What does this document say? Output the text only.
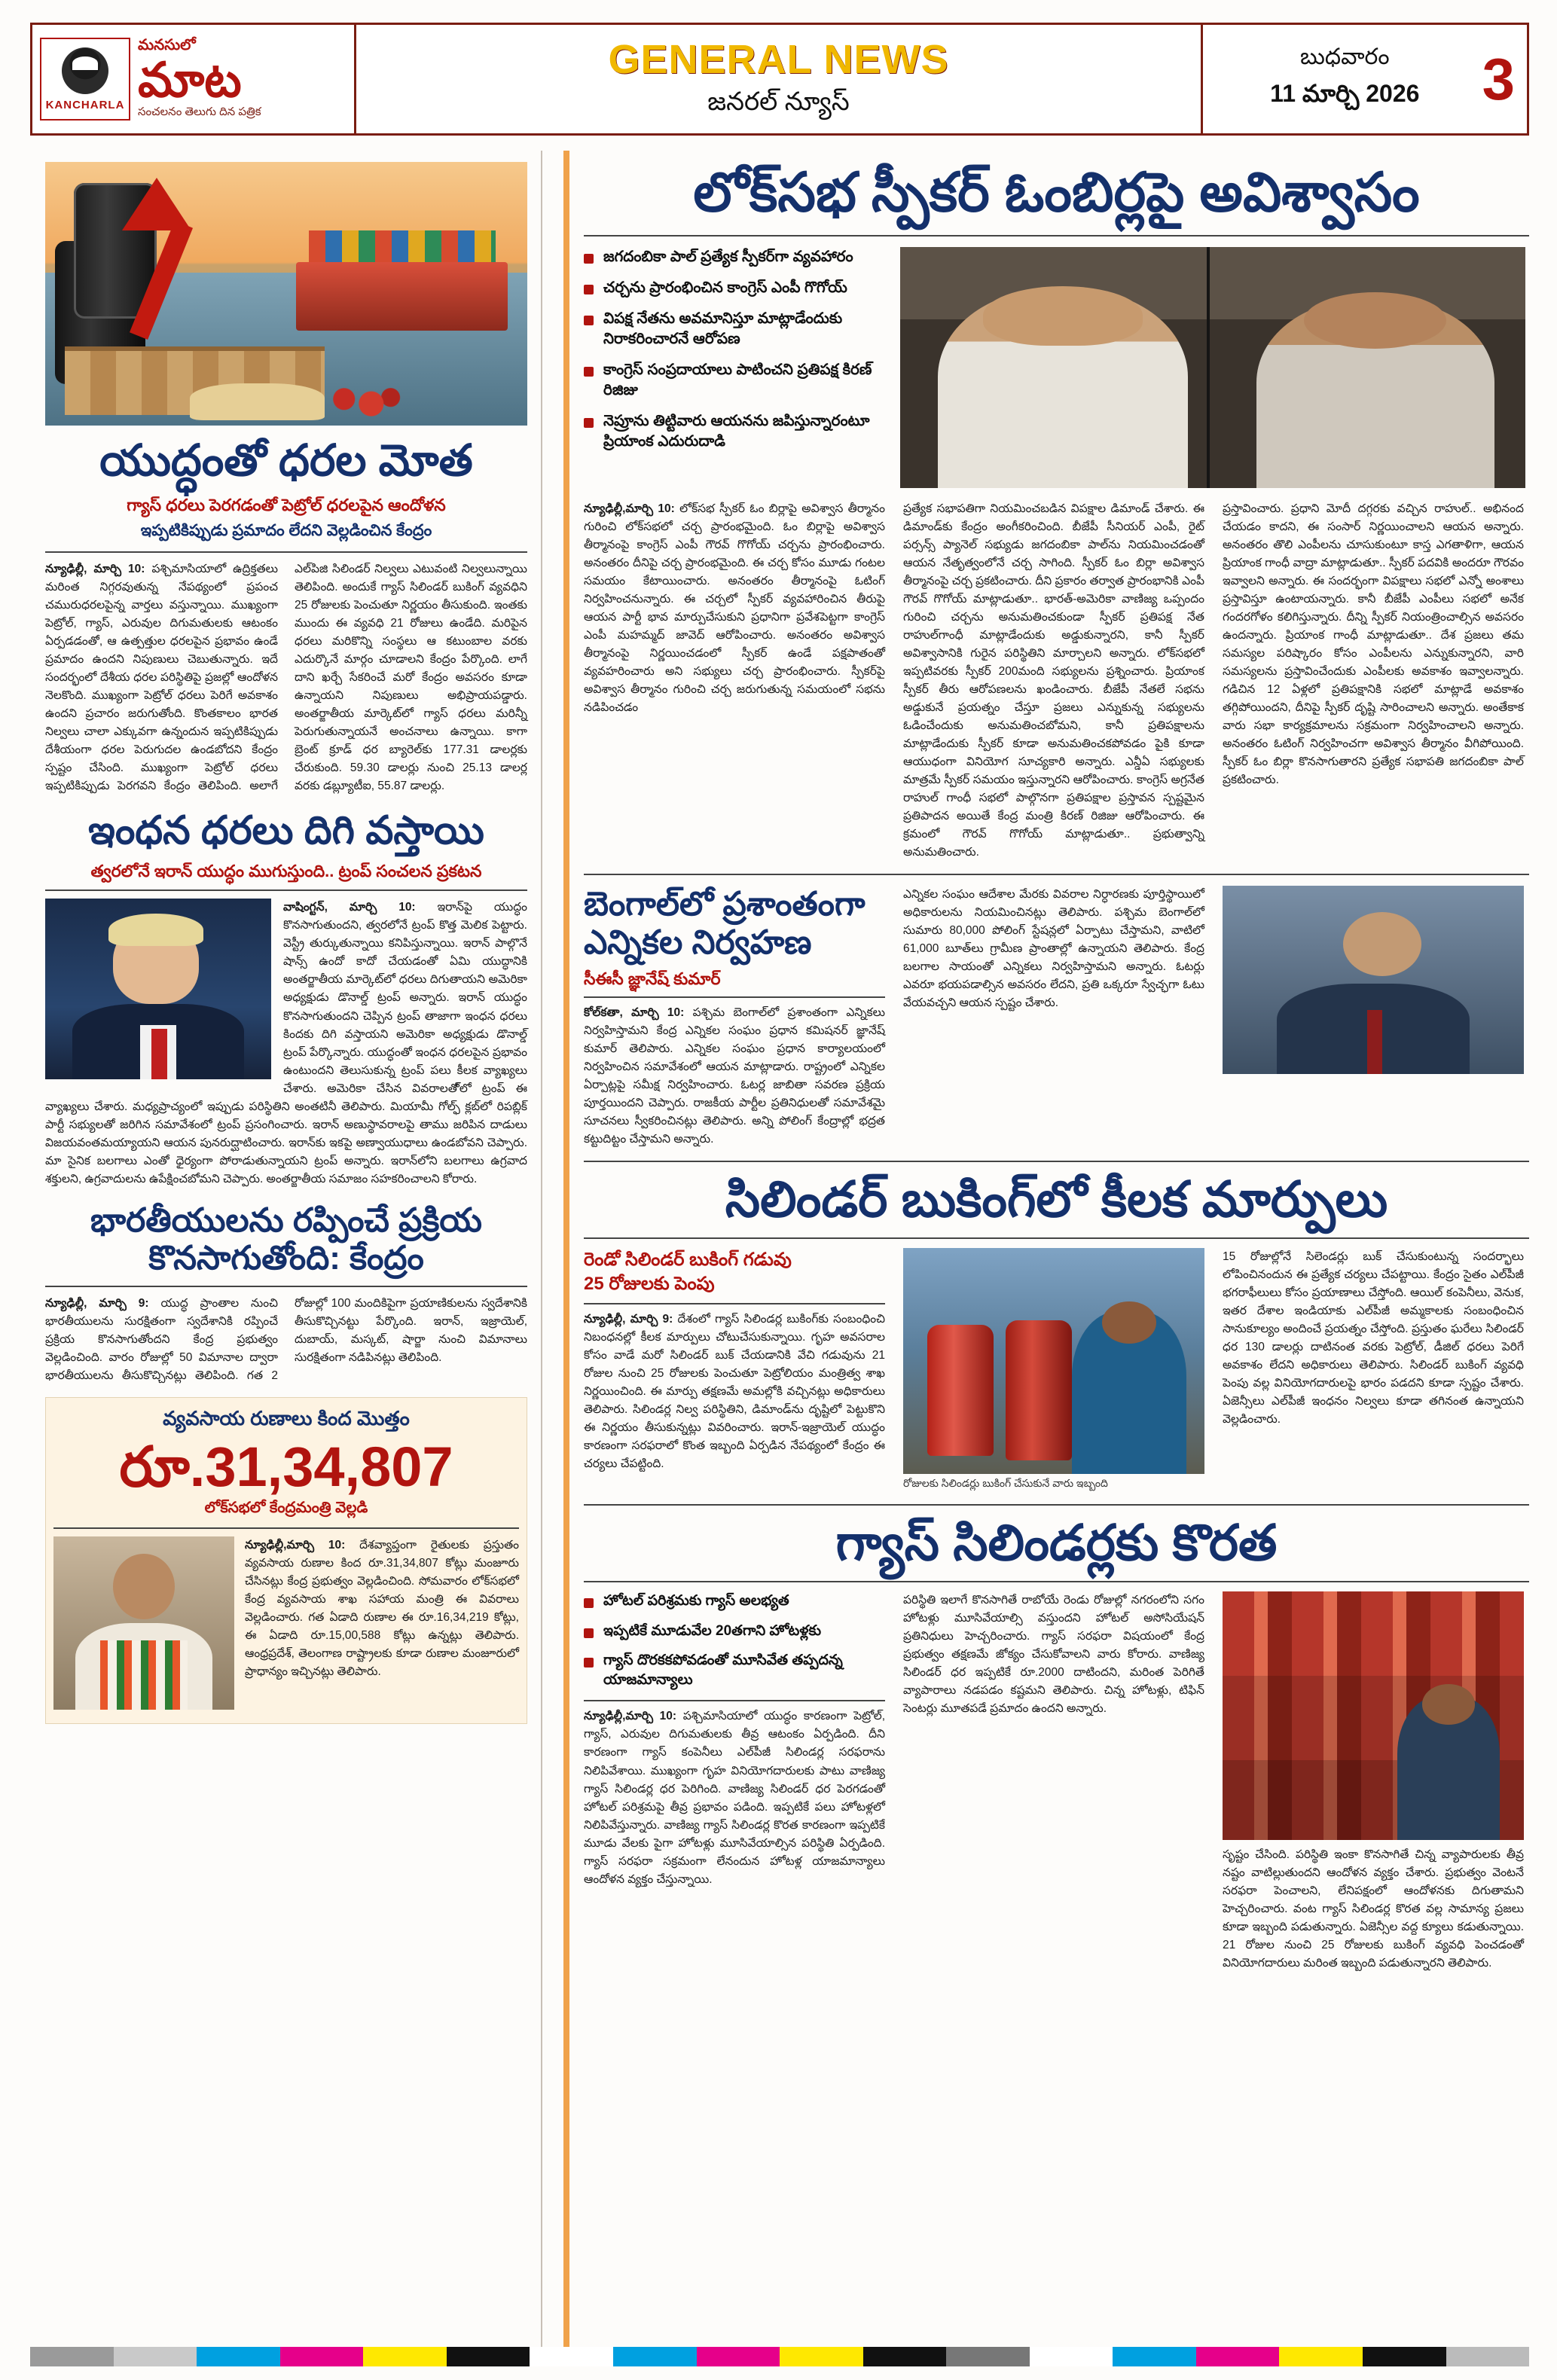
KANCHARLA
మనసులో
మాట
సంచలనం తెలుగు దిన పత్రిక
GENERAL NEWS
జనరల్ న్యూస్
బుధవారం
11 మార్చి 2026 3
యుద్ధంతో ధరల మోత
గ్యాస్ ధరలు పెరగడంతో పెట్రోల్ ధరలపైన ఆందోళన
ఇప్పటికిప్పుడు ప్రమాదం లేదని వెల్లడించిన కేంద్రం

న్యూఢిల్లీ, మార్చి 10: పశ్చిమాసియాలో ఉద్రిక్తతలు మరింత నిగ్గరవుతున్న నేపథ్యంలో ప్రపంచ చమురుధరలపైన్న వార్తలు వస్తున్నాయి. ముఖ్యంగా పెట్రోల్, గ్యాస్, ఎరువుల దిగుమతులకు ఆటంకం ఏర్పడడంతో, ఆ ఉత్పత్తుల ధరలపైన ప్రభావం ఉండే ప్రమాదం ఉందని నిపుణులు చెబుతున్నారు. ఇదే సందర్భంలో దేశీయ ధరల పరిస్థితిపై ప్రజల్లో ఆందోళన నెలకొంది. ముఖ్యంగా పెట్రోల్ ధరలు పెరిగే అవకాశం ఉందని ప్రచారం జరుగుతోంది. కొంతకాలం భారత నిల్వలు చాలా ఎక్కువగా ఉన్నందున ఇప్పటికిప్పుడు దేశీయంగా ధరల పెరుగుదల ఉండబోదని కేంద్రం స్పష్టం చేసింది. ముఖ్యంగా పెట్రోల్ ధరలు ఇప్పటికిప్పుడు పెరగవని కేంద్రం తెలిపింది. అలాగే ఎల్‌పిజి సిలిండర్ నిల్వలు ఎటువంటి నిల్వలున్నాయి తెలిపింది. అందుకే గ్యాస్ సిలిండర్ బుకింగ్ వ్యవధిని 25 రోజులకు పెంచుతూ నిర్ణయం తీసుకుంది. ఇంతకు ముందు ఈ వ్యవధి 21 రోజులు ఉండేది. మరిపైన ధరలు మరికొన్ని సంస్థలు ఆ కటుంబాల వరకు ఎదుర్కొనే మార్గం చూడాలని కేంద్రం పేర్కొంది. లాగే దాని ఖర్చే సేకరించే మరో కేంద్రం అవసరం కూడా ఉన్నాయని నిపుణులు అభిప్రాయపడ్డారు. అంతర్జాతీయ మార్కెట్‌లో గ్యాస్ ధరలు మరిన్నీ పెరుగుతున్నాయనే అంచనాలు ఉన్నాయి. కాగా బ్రెంట్ క్రూడ్ ధర బ్యారెల్‌కు 177.31 డాలర్లకు చేరుకుంది. 59.30 డాలర్లు నుంచి 25.13 డాలర్ల వరకు డబ్ల్యూటీఐ, 55.87 డాలర్లు.

ఇంధన ధరలు దిగి వస్తాయి
త్వరలోనే ఇరాన్ యుద్ధం ముగుస్తుంది.. ట్రంప్ సంచలన ప్రకటన

వాషింగ్టన్, మార్చి 10: ఇరాన్‌పై యుద్ధం కొనసాగుతుందని, త్వరలోనే ట్రంప్ కొత్త మెలిక పెట్టారు. వెస్ట్రీ తుర్కుతున్నాయి కనిపిస్తున్నాయి. ఇరాన్ పాల్గొనే షాన్స్ ఉందో కాదో చేయడంతో ఏమి యుద్ధానికి అంతర్జాతీయ మార్కెట్‌లో ధరలు దిగుతాయని అమెరికా అధ్యక్షుడు డొనాల్డ్ ట్రంప్ అన్నారు. ఇరాన్ యుద్ధం కొనసాగుతుందని చెప్పిన ట్రంప్ తాజాగా ఇంధన ధరలు కిందకు దిగి వస్తాయని అమెరికా అధ్యక్షుడు డొనాల్డ్ ట్రంప్ పేర్కొన్నారు. యుద్ధంతో ఇంధన ధరలపైన ప్రభావం ఉంటుందని తెలుసుకున్న ట్రంప్ పలు కీలక వ్యాఖ్యలు చేశారు. అమెరికా చేసిన వివరాలతో్లో ట్రంప్ ఈ వ్యాఖ్యలు చేశారు. మధ్యప్రాచ్యంలో ఇప్పుడు పరిస్థితిని అంతటినీ తెలిపారు. మియామీ గోల్ఫ్ క్లబ్‌లో రిపబ్లిక్ పార్టీ సభ్యులతో జరిగిన సమావేశంలో ట్రంప్ ప్రసంగించారు. ఇరాన్ అణుస్థావరాలపై తాము జరిపిన దాడులు విజయవంతమయ్యాయని ఆయన పునరుద్ఘాటించారు. ఇరాన్‌కు ఇకపై అణ్వాయుధాలు ఉండబోవని చెప్పారు. మా సైనిక బలగాలు ఎంతో ధైర్యంగా పోరాడుతున్నాయని ట్రంప్ అన్నారు. ఇరాన్‌లోని బలగాలు ఉగ్రవాద శక్తులని, ఉగ్రవాదులను ఉపేక్షించబోమని చెప్పారు. అంతర్జాతీయ సమాజం సహకరించాలని కోరారు.

భారతీయులను రప్పించే ప్రక్రియ
కొనసాగుతోంది: కేంద్రం

న్యూఢిల్లీ, మార్చి 9: యుద్ధ ప్రాంతాల నుంచి భారతీయులను సురక్షితంగా స్వదేశానికి రప్పించే ప్రక్రియ కొనసాగుతోందని కేంద్ర ప్రభుత్వం వెల్లడించింది. వారం రోజుల్లో 50 విమానాల ద్వారా భారతీయులను తీసుకొచ్చినట్లు తెలిపింది. గత 2 రోజుల్లో 100 మందికిపైగా ప్రయాణికులను స్వదేశానికి తీసుకొచ్చినట్టు పేర్కొంది. ఇరాన్, ఇజ్రాయెల్, దుబాయ్, మస్కట్, షార్జా నుంచి విమానాలు సురక్షితంగా నడిపినట్లు తెలిపింది.

వ్యవసాయ రుణాలు కింద మొత్తం
రూ.31,34,807
లోక్‌సభలో కేంద్రమంత్రి వెల్లడి

న్యూఢిల్లీ,మార్చి 10: దేశవ్యాప్తంగా రైతులకు ప్రస్తుతం వ్యవసాయ రుణాల కింద రూ.31,34,807 కోట్లు మంజూరు చేసినట్లు కేంద్ర ప్రభుత్వం వెల్లడించింది. సోమవారం లోక్‌సభలో కేంద్ర వ్యవసాయ శాఖ సహాయ మంత్రి ఈ వివరాలు వెల్లడించారు. గత ఏడాది రుణాల ఈ రూ.16,34,219 కోట్లు, ఈ ఏడాది రూ.15,00,588 కోట్లు ఉన్నట్లు తెలిపారు. ఆంధ్రప్రదేశ్, తెలంగాణ రాష్ట్రాలకు కూడా రుణాల మంజూరులో ప్రాధాన్యం ఇచ్చినట్లు తెలిపారు.

లోక్‌సభ స్పీకర్ ఓంబిర్లపై అవిశ్వాసం
జగదంబికా పాల్ ప్రత్యేక స్పీకర్‌గా వ్యవహారం
చర్చను ప్రారంభించిన కాంగ్రెస్ ఎంపీ గొగోయ్
విపక్ష నేతను అవమానిస్తూ మాట్లాడేందుకు నిరాకరించారనే ఆరోపణ
కాంగ్రెస్ సంప్రదాయాలు పాటించని ప్రతిపక్ష కిరణ్ రిజిజు
నెప్రూను తిట్టివారు ఆయనను జపిస్తున్నారంటూ ప్రియాంక ఎదురుదాడి

న్యూఢిల్లీ,మార్చి 10: లోక్‌సభ స్పీకర్ ఓం బిర్లాపై అవిశ్వాస తీర్మానం గురించి లోక్‌సభలో చర్చ ప్రారంభమైంది. ఓం బిర్లాపై అవిశ్వాస తీర్మానంపై కాంగ్రెస్ ఎంపీ గౌరవ్ గొగోయ్ చర్చను ప్రారంభించారు. అనంతరం దీనిపై చర్చ ప్రారంభమైంది. ఈ చర్చ కోసం మూడు గంటల సమయం కేటాయించారు. అనంతరం తీర్మానంపై ఓటింగ్ నిర్వహించనున్నారు. ఈ చర్చలో స్పీకర్ వ్యవహారించిన తీరుపై ఆయన పార్టీ భావ మార్పుచేసుకుని ప్రధానిగా ప్రవేశపెట్టగా కాంగ్రెస్ ఎంపీ మహమ్మద్ జావెద్ ఆరోపించారు. అనంతరం అవిశ్వాస తీర్మానంపై నిర్ణయించడంలో స్పీకర్ ఉండే పక్షపాతంతో వ్యవహరించారు అని సభ్యులు చర్చ ప్రారంభించారు. స్పీకర్‌పై అవిశ్వాస తీర్మానం గురించి చర్చ జరుగుతున్న సమయంలో సభను నడిపించడం

ప్రత్యేక సభాపతిగా నియమించబడిన విపక్షాల డిమాండ్ చేశారు. ఈ డిమాండ్‌కు కేంద్రం అంగీకరించింది. బీజేపీ సీనియర్ ఎంపీ, రైట్ పర్సన్స్ ప్యానెల్ సభ్యుడు జగదంబికా పాల్‌ను నియమించడంతో ఆయన నేతృత్వంలోనే చర్చ సాగింది. స్పీకర్ ఓం బిర్లా అవిశ్వాస తీర్మానంపై చర్చ ప్రకటించారు. దీని ప్రకారం తర్వాత ప్రారంభానికి ఎంపీ గౌరవ్ గొగోయ్ మాట్లాడుతూ.. భారత్-అమెరికా వాణిజ్య ఒప్పందం గురించి చర్చను అనుమతించకుండా స్పీకర్ ప్రతిపక్ష నేత రాహుల్‌గాంధీ మాట్లాడేందుకు అడ్డుకున్నారని, కానీ స్పీకర్ అవిశ్వాసానికి గురైన పరిస్థితిని మార్చాలని అన్నారు. లోక్‌సభలో ఇప్పటివరకు స్పీకర్ 200మంది సభ్యులను ప్రశ్నించారు. ప్రియాంక స్పీకర్ తీరు ఆరోపణలను ఖండించారు. బీజేపీ నేతలే సభను అడ్డుకునే ప్రయత్నం చేస్తూ ప్రజలు ఎన్నుకున్న సభ్యులను ఓడించేందుకు అనుమతించబోమని, కానీ ప్రతిపక్షాలను మాట్లాడేందుకు స్పీకర్ కూడా అనుమతించకపోవడం పైకి కూడా ఆయుధంగా వినియోగ సూచ్యకారి అన్నారు. ఎన్డీఏ సభ్యులకు మాత్రమే స్పీకర్ సమయం ఇస్తున్నారని ఆరోపించారు. కాంగ్రెస్ అగ్రనేత రాహుల్ గాంధీ సభలో పాల్గొనగా ప్రతిపక్షాల ప్రస్తావన స్పష్టమైన ప్రతిపాదన అయితే కేంద్ర మంత్రి కిరణ్ రిజిజు ఆరోపించారు. ఈ క్రమంలో గౌరవ్ గొగోయ్ మాట్లాడుతూ.. ప్రభుత్వాన్ని అనుమతించారు.

ప్రస్తావించారు. ప్రధాని మోదీ దగ్గరకు వచ్చిన రాహుల్.. అభినంద చేయడం కాదని, ఈ సంసార్‌ నిర్ణయించాలని ఆయన అన్నారు. అనంతరం తొలి ఎంపీలను చూసుకుంటూ కాస్త ఎగతాళిగా, ఆయన ప్రియాంక గాంధీ వాద్రా మాట్లాడుతూ.. స్పీకర్ పదవికి అందరూ గౌరవం ఇవ్వాలని అన్నారు. ఈ సందర్భంగా విపక్షాలు సభలో ఎన్నో అంశాలు ప్రస్తావిస్తూ ఉంటాయన్నారు. కానీ బీజేపీ ఎంపీలు సభలో అనేక గందరగోళం కలిగిస్తున్నారు. దీన్ని స్పీకర్ నియంత్రించాల్సిన అవసరం ఉందన్నారు. ప్రియాంక గాంధీ మాట్లాడుతూ.. దేశ ప్రజలు తమ సమస్యల పరిష్కారం కోసం ఎంపీలను ఎన్నుకున్నారని, వారి సమస్యలను ప్రస్తావించేందుకు ఎంపీలకు అవకాశం ఇవ్వాలన్నారు. గడిచిన 12 ఏళ్లలో ప్రతిపక్షానికి సభలో మాట్లాడే అవకాశం తగ్గిపోయిందని, దీనిపై స్పీకర్ దృష్టి సారించాలని అన్నారు. అంతేకాక వారు సభా కార్యక్రమాలను సక్రమంగా నిర్వహించాలని అన్నారు. అనంతరం ఓటింగ్ నిర్వహించగా అవిశ్వాస తీర్మానం వీగిపోయింది. స్పీకర్ ఓం బిర్లా కొనసాగుతారని ప్రత్యేక సభాపతి జగదంబికా పాల్ ప్రకటించారు.

బెంగాల్‌లో ప్రశాంతంగా
ఎన్నికల నిర్వహణ
సీఈసీ జ్ఞానేష్ కుమార్

కోల్‌కతా, మార్చి 10: పశ్చిమ బెంగాల్‌లో ప్రశాంతంగా ఎన్నికలు నిర్వహిస్తామని కేంద్ర ఎన్నికల సంఘం ప్రధాన కమిషనర్ జ్ఞానేష్ కుమార్ తెలిపారు. ఎన్నికల సంఘం ప్రధాన కార్యాలయంలో నిర్వహించిన సమావేశంలో ఆయన మాట్లాడారు. రాష్ట్రంలో ఎన్నికల ఏర్పాట్లపై సమీక్ష నిర్వహించారు. ఓటర్ల జాబితా సవరణ ప్రక్రియ పూర్తయిందని చెప్పారు. రాజకీయ పార్టీల ప్రతినిధులతో సమావేశమై సూచనలు స్వీకరించినట్లు తెలిపారు. అన్ని పోలింగ్ కేంద్రాల్లో భద్రత కట్టుదిట్టం చేస్తామని అన్నారు.

ఎన్నికల సంఘం ఆదేశాల మేరకు వివరాల నిర్ధారణకు పూర్తిస్థాయిలో అధికారులను నియమించినట్లు తెలిపారు. పశ్చిమ బెంగాల్‌లో సుమారు 80,000 పోలింగ్ స్టేషన్లలో ఏర్పాటు చేస్తామని, వాటిలో 61,000 బూత్‌లు గ్రామీణ ప్రాంతాల్లో ఉన్నాయని తెలిపారు. కేంద్ర బలగాల సాయంతో ఎన్నికలు నిర్వహిస్తామని అన్నారు. ఓటర్లు ఎవరూ భయపడాల్సిన అవసరం లేదని, ప్రతి ఒక్కరూ స్వేచ్ఛగా ఓటు వేయవచ్చని ఆయన స్పష్టం చేశారు.

సిలిండర్ బుకింగ్‌లో కీలక మార్పులు
రెండో సిలిండర్ బుకింగ్ గడువు
25 రోజులకు పెంపు

న్యూఢిల్లీ, మార్చి 9: దేశంలో గ్యాస్ సిలిండర్ల బుకింగ్‌కు సంబంధించి నిబంధనల్లో కీలక మార్పులు చోటుచేసుకున్నాయి. గృహ అవసరాల కోసం వాడే మరో సిలిండర్ బుక్ చేయడానికి వేచి గడువును 21 రోజుల నుంచి 25 రోజులకు పెంచుతూ పెట్రోలియం మంత్రిత్వ శాఖ నిర్ణయించింది. ఈ మార్పు తక్షణమే అమల్లోకి వచ్చినట్లు అధికారులు తెలిపారు. సిలిండర్ల నిల్వ పరిస్థితిని, డిమాండ్‌ను దృష్టిలో పెట్టుకొని ఈ నిర్ణయం తీసుకున్నట్లు వివరించారు. ఇరాన్-ఇజ్రాయెల్ యుద్ధం కారణంగా సరఫరాలో కొంత ఇబ్బంది ఏర్పడిన నేపథ్యంలో కేంద్రం ఈ చర్యలు చేపట్టింది.

రోజులకు సిలిండర్లు బుకింగ్ చేసుకునే వారు ఇబ్బంది

15 రోజుల్లోనే సిలెండర్లు బుక్ చేసుకుంటున్న సందర్భాలు లోపించినందున ఈ ప్రత్యేక చర్యలు చేపట్టాయి. కేంద్రం సైతం ఎల్‌పీజీ భగరాఫీలులు కోసం ప్రయాణాలు చేస్తోంది. ఆయిల్‌ కంపెనీలు, వెనుక, ఇతర దేశాల ఇండియాకు ఎల్‌పీజీ అమ్మకాలకు సంబంధించిన సానుకూల్యం అందించే ప్రయత్నం చేస్తోంది. ప్రస్తుతం ఘరేలు సిలిండర్ ధర 130 డాలర్లు దాటినంత వరకు పెట్రోల్, డీజిల్ ధరలు పెరిగే అవకాశం లేదని అధికారులు తెలిపారు. సిలిండర్ బుకింగ్ వ్యవధి పెంపు వల్ల వినియోగదారులపై భారం పడదని కూడా స్పష్టం చేశారు. ఏజెన్సీలు ఎల్‌పీజీ ఇంధనం నిల్వలు కూడా తగినంత ఉన్నాయని వెల్లడించారు.

గ్యాస్ సిలిండర్లకు కొరత
హోటల్ పరిశ్రమకు గ్యాస్ అలభ్యత
ఇప్పటికే మూడువేల 20తగాని హోటళ్లకు
గ్యాస్ దొరకకపోవడంతో మూసివేత తప్పదన్న యాజమాన్యాలు

న్యూఢిల్లీ,మార్చి 10: పశ్చిమాసియాలో యుద్ధం కారణంగా పెట్రోల్, గ్యాస్, ఎరువుల దిగుమతులకు తీవ్ర ఆటంకం ఏర్పడింది. దీని కారణంగా గ్యాస్ కంపెనీలు ఎల్‌పీజీ సిలిండర్ల సరఫరాను నిలిపివేశాయి. ముఖ్యంగా గృహ వినియోగదారులకు పాటు వాణిజ్య గ్యాస్ సిలిండర్ల ధర పెరిగింది. వాణిజ్య సిలిండర్ ధర పెరగడంతో హోటల్ పరిశ్రమపై తీవ్ర ప్రభావం పడింది. ఇప్పటికే పలు హోటళ్లలో నిలిపివేస్తున్నారు. వాణిజ్య గ్యాస్ సిలిండర్ల కొరత కారణంగా ఇప్పటికే మూడు వేలకు పైగా హోటళ్లు మూసివేయాల్సిన పరిస్థితి ఏర్పడింది. గ్యాస్ సరఫరా సక్రమంగా లేనందున హోటళ్ల యాజమాన్యాలు ఆందోళన వ్యక్తం చేస్తున్నాయి.

పరిస్థితి ఇలాగే కొనసాగితే రాబోయే రెండు రోజుల్లో నగరంలోని సగం హోటళ్లు మూసివేయాల్సి వస్తుందని హోటల్ అసోసియేషన్ ప్రతినిధులు హెచ్చరించారు. గ్యాస్ సరఫరా విషయంలో కేంద్ర ప్రభుత్వం తక్షణమే జోక్యం చేసుకోవాలని వారు కోరారు. వాణిజ్య సిలిండర్ ధర ఇప్పటికే రూ.2000 దాటిందని, మరింత పెరిగితే వ్యాపారాలు నడపడం కష్టమని తెలిపారు. చిన్న హోటళ్లు, టిఫిన్ సెంటర్లు మూతపడే ప్రమాదం ఉందని అన్నారు.

సృష్టం చేసింది. పరిస్థితి ఇంకా కొనసాగితే చిన్న వ్యాపారులకు తీవ్ర నష్టం వాటిల్లుతుందని ఆందోళన వ్యక్తం చేశారు. ప్రభుత్వం వెంటనే సరఫరా పెంచాలని, లేనిపక్షంలో ఆందోళనకు దిగుతామని హెచ్చరించారు. వంట గ్యాస్ సిలిండర్ల కొరత వల్ల సామాన్య ప్రజలు కూడా ఇబ్బంది పడుతున్నారు. ఏజెన్సీల వద్ద క్యూలు కడుతున్నాయి. 21 రోజుల నుంచి 25 రోజులకు బుకింగ్ వ్యవధి పెంచడంతో వినియోగదారులు మరింత ఇబ్బంది పడుతున్నారని తెలిపారు.
